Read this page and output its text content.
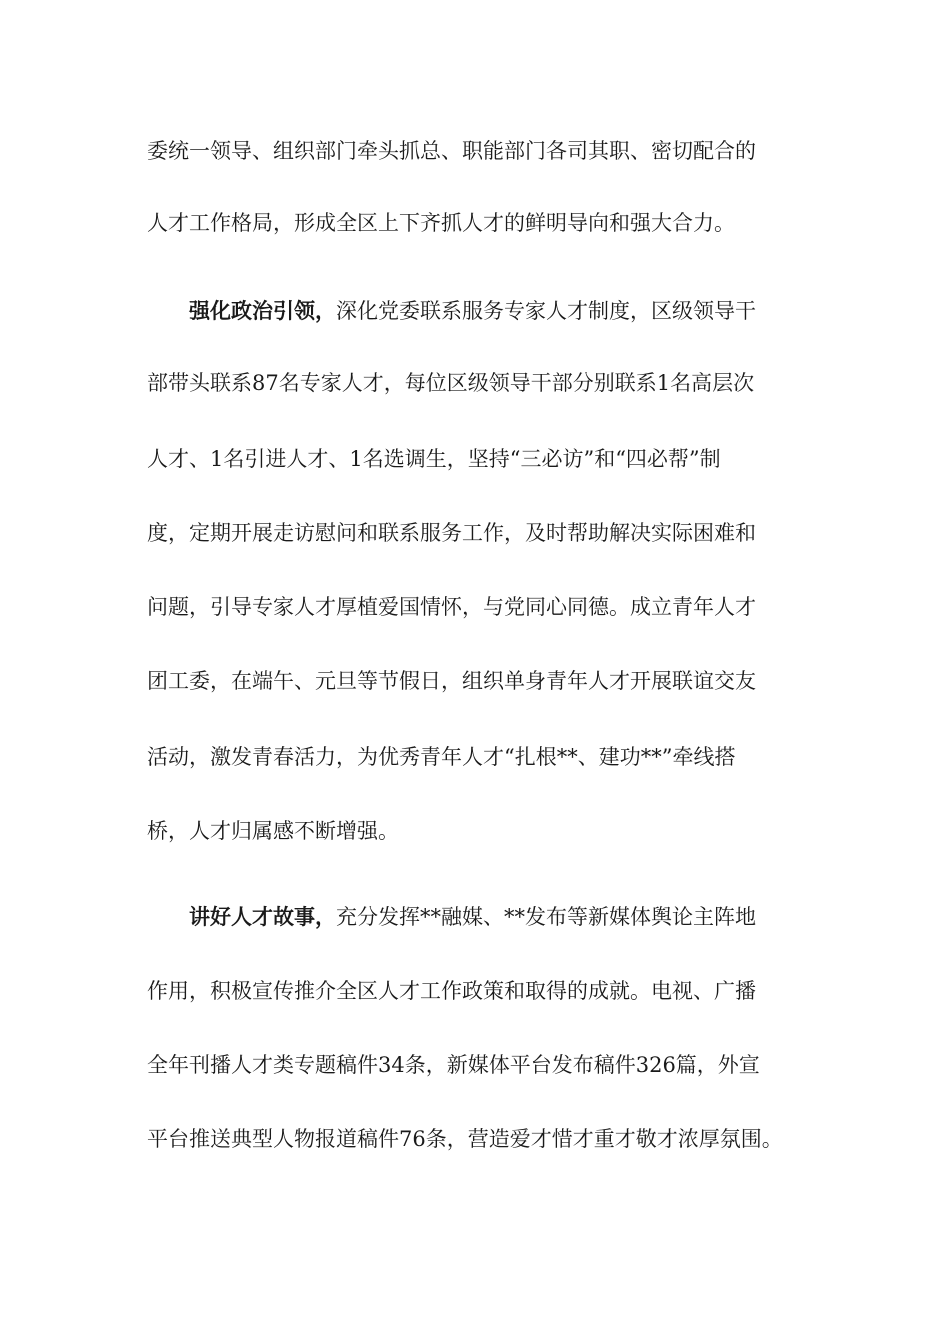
委统一领导、组织部门牵头抓总、职能部门各司其职、密切配合的
人才工作格局，形成全区上下齐抓人才的鲜明导向和强大合力。
强化政治引领，深化党委联系服务专家人才制度，区级领导干
部带头联系87名专家人才，每位区级领导干部分别联系1名高层次
人才、1名引进人才、1名选调生，坚持“三必访”和“四必帮”制
度，定期开展走访慰问和联系服务工作，及时帮助解决实际困难和
问题，引导专家人才厚植爱国情怀，与党同心同德。成立青年人才
团工委，在端午、元旦等节假日，组织单身青年人才开展联谊交友
活动，激发青春活力，为优秀青年人才“扎根**、建功**”牵线搭
桥，人才归属感不断增强。
讲好人才故事，充分发挥**融媒、**发布等新媒体舆论主阵地
作用，积极宣传推介全区人才工作政策和取得的成就。电视、广播
全年刊播人才类专题稿件34条，新媒体平台发布稿件326篇，外宣
平台推送典型人物报道稿件76条，营造爱才惜才重才敬才浓厚氛围。
